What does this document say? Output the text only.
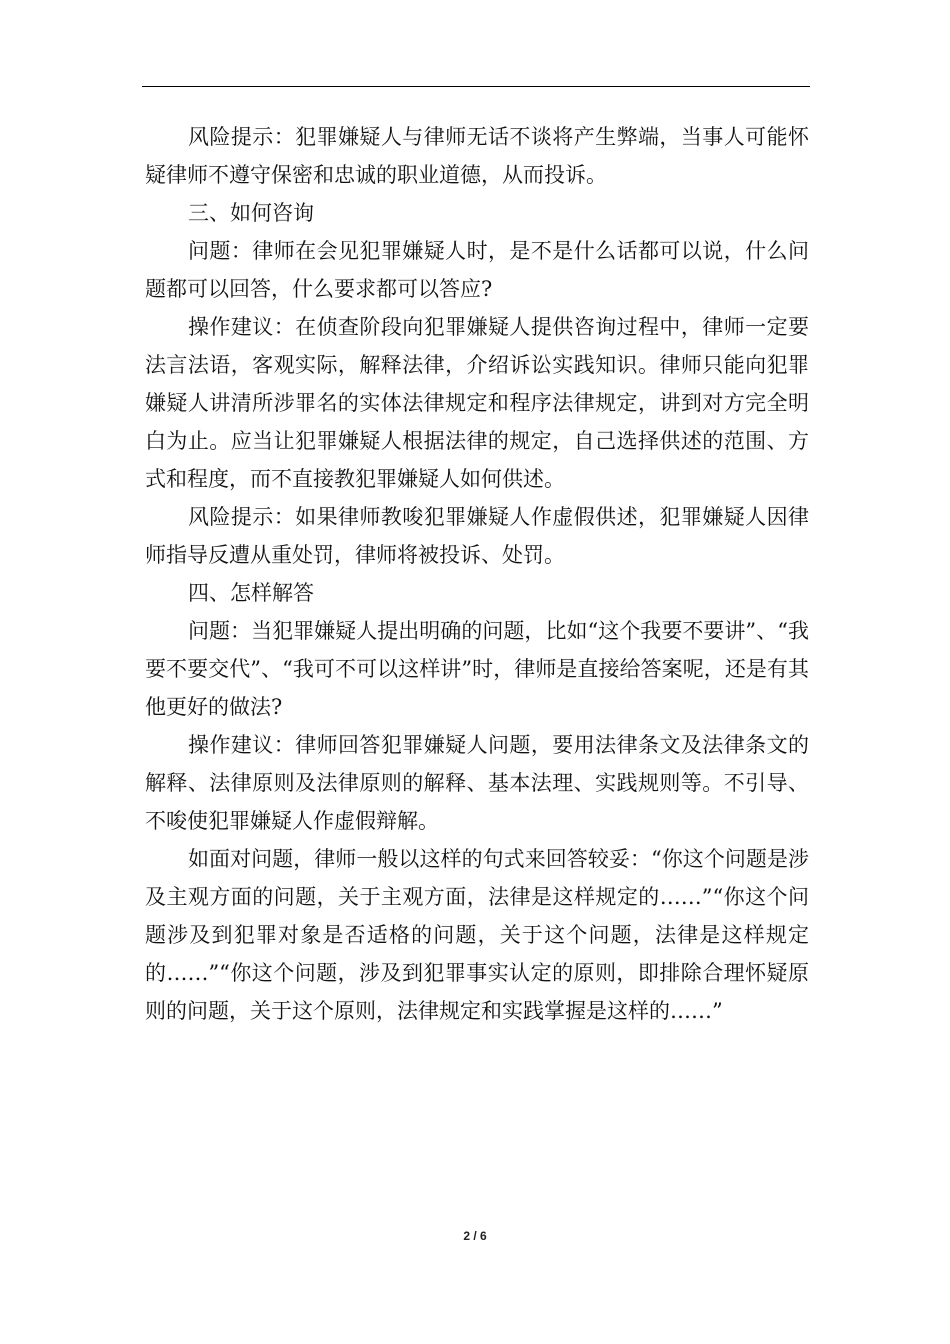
风险提示：犯罪嫌疑人与律师无话不谈将产生弊端，当事人可能怀疑律师不遵守保密和忠诚的职业道德，从而投诉。

三、如何咨询

问题：律师在会见犯罪嫌疑人时，是不是什么话都可以说，什么问题都可以回答，什么要求都可以答应?

操作建议：在侦查阶段向犯罪嫌疑人提供咨询过程中，律师一定要法言法语，客观实际，解释法律，介绍诉讼实践知识。律师只能向犯罪嫌疑人讲清所涉罪名的实体法律规定和程序法律规定，讲到对方完全明白为止。应当让犯罪嫌疑人根据法律的规定，自己选择供述的范围、方式和程度，而不直接教犯罪嫌疑人如何供述。

风险提示：如果律师教唆犯罪嫌疑人作虚假供述，犯罪嫌疑人因律师指导反遭从重处罚，律师将被投诉、处罚。

四、怎样解答

问题：当犯罪嫌疑人提出明确的问题，比如“这个我要不要讲”、“我要不要交代”、“我可不可以这样讲”时，律师是直接给答案呢，还是有其他更好的做法?

操作建议：律师回答犯罪嫌疑人问题，要用法律条文及法律条文的解释、法律原则及法律原则的解释、基本法理、实践规则等。不引导、不唆使犯罪嫌疑人作虚假辩解。

如面对问题，律师一般以这样的句式来回答较妥：“你这个问题是涉及主观方面的问题，关于主观方面，法律是这样规定的……”“你这个问题涉及到犯罪对象是否适格的问题，关于这个问题，法律是这样规定的……”“你这个问题，涉及到犯罪事实认定的原则，即排除合理怀疑原则的问题，关于这个原则，法律规定和实践掌握是这样的……”

2 / 6
